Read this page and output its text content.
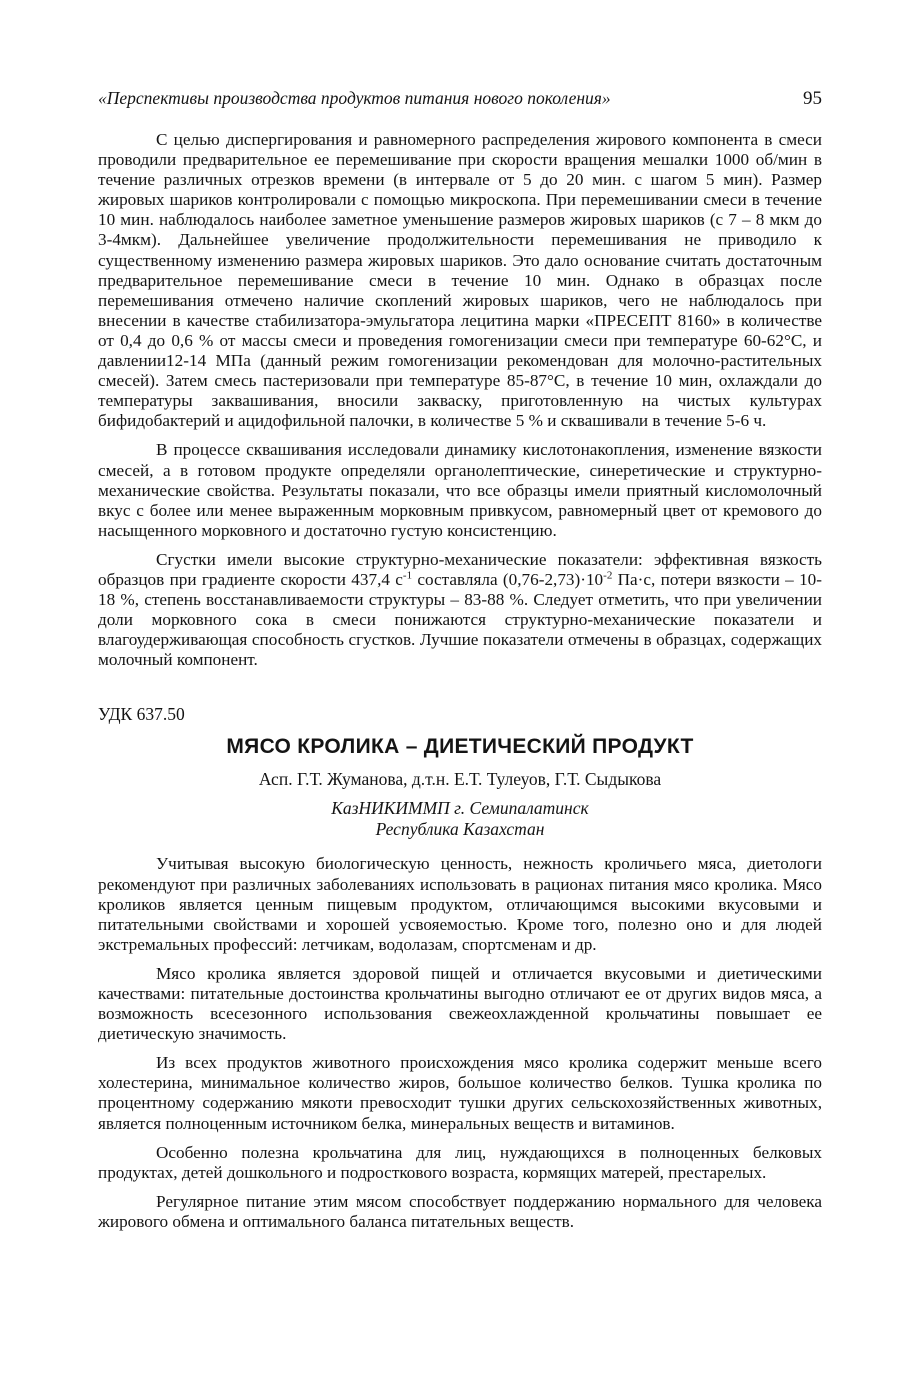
«Перспективы производства продуктов питания нового поколения»	95

С целью диспергирования и равномерного распределения жирового компонента в смеси проводили предварительное ее перемешивание при скорости вращения мешалки 1000 об/мин в течение различных отрезков времени (в интервале от 5 до 20 мин. с шагом 5 мин). Размер жировых шариков контролировали с помощью микроскопа. При перемешивании смеси в течение 10 мин. наблюдалось наиболее заметное уменьшение размеров жировых шариков (с 7 – 8 мкм до 3-4мкм). Дальнейшее увеличение продолжительности перемешивания не приводило к существенному изменению размера жировых шариков. Это дало основание считать достаточным предварительное перемешивание смеси в течение 10 мин. Однако в образцах после перемешивания отмечено наличие скоплений жировых шариков, чего не наблюдалось при внесении в качестве стабилизатора-эмульгатора лецитина марки «ПРЕСЕПТ 8160» в количестве от 0,4 до 0,6 % от массы смеси и проведения гомогенизации смеси при температуре 60-62°С, и давлении12-14 МПа (данный режим гомогенизации рекомендован для молочно-растительных смесей). Затем смесь пастеризовали при температуре 85-87°С, в течение 10 мин, охлаждали до температуры заквашивания, вносили закваску, приготовленную на чистых культурах бифидобактерий и ацидофильной палочки, в количестве 5 % и сквашивали в течение 5-6 ч.

В процессе сквашивания исследовали динамику кислотонакопления, изменение вязкости смесей, а в готовом продукте определяли органолептические, синеретические и структурно-механические свойства. Результаты показали, что все образцы имели приятный кисломолочный вкус с более или менее выраженным морковным привкусом, равномерный цвет от кремового до насыщенного морковного и достаточно густую консистенцию.

Сгустки имели высокие структурно-механические показатели: эффективная вязкость образцов при градиенте скорости 437,4 $с^{-1}$ составляла $(0,76-2,73)\cdot 10^{-2}$ Па·с, потери вязкости – 10-18 %, степень восстанавливаемости структуры – 83-88 %. Следует отметить, что при увеличении доли морковного сока в смеси понижаются структурно-механические показатели и влагоудерживающая способность сгустков. Лучшие показатели отмечены в образцах, содержащих молочный компонент.

УДК 637.50
МЯСО КРОЛИКА – ДИЕТИЧЕСКИЙ ПРОДУКТ
Асп. Г.Т. Жуманова, д.т.н. Е.Т. Тулеуов, Г.Т. Сыдыкова
КазНИКИММП г. Семипалатинск
Республика Казахстан

Учитывая высокую биологическую ценность, нежность кроличьего мяса, диетологи рекомендуют при различных заболеваниях использовать в рационах питания мясо кролика. Мясо кроликов является ценным пищевым продуктом, отличающимся высокими вкусовыми и питательными свойствами и хорошей усвояемостью. Кроме того, полезно оно и для людей экстремальных профессий: летчикам, водолазам, спортсменам и др.

Мясо кролика является здоровой пищей и отличается вкусовыми и диетическими качествами: питательные достоинства крольчатины выгодно отличают ее от других видов мяса, а возможность всесезонного использования свежеохлажденной крольчатины повышает ее диетическую значимость.

Из всех продуктов животного происхождения мясо кролика содержит меньше всего холестерина, минимальное количество жиров, большое количество белков. Тушка кролика по процентному содержанию мякоти превосходит тушки других сельскохозяйственных животных, является полноценным источником белка, минеральных веществ и витаминов.

Особенно полезна крольчатина для лиц, нуждающихся в полноценных белковых продуктах, детей дошкольного и подросткового возраста, кормящих матерей, престарелых.

Регулярное питание этим мясом способствует поддержанию нормального для человека жирового обмена и оптимального баланса питательных веществ.
